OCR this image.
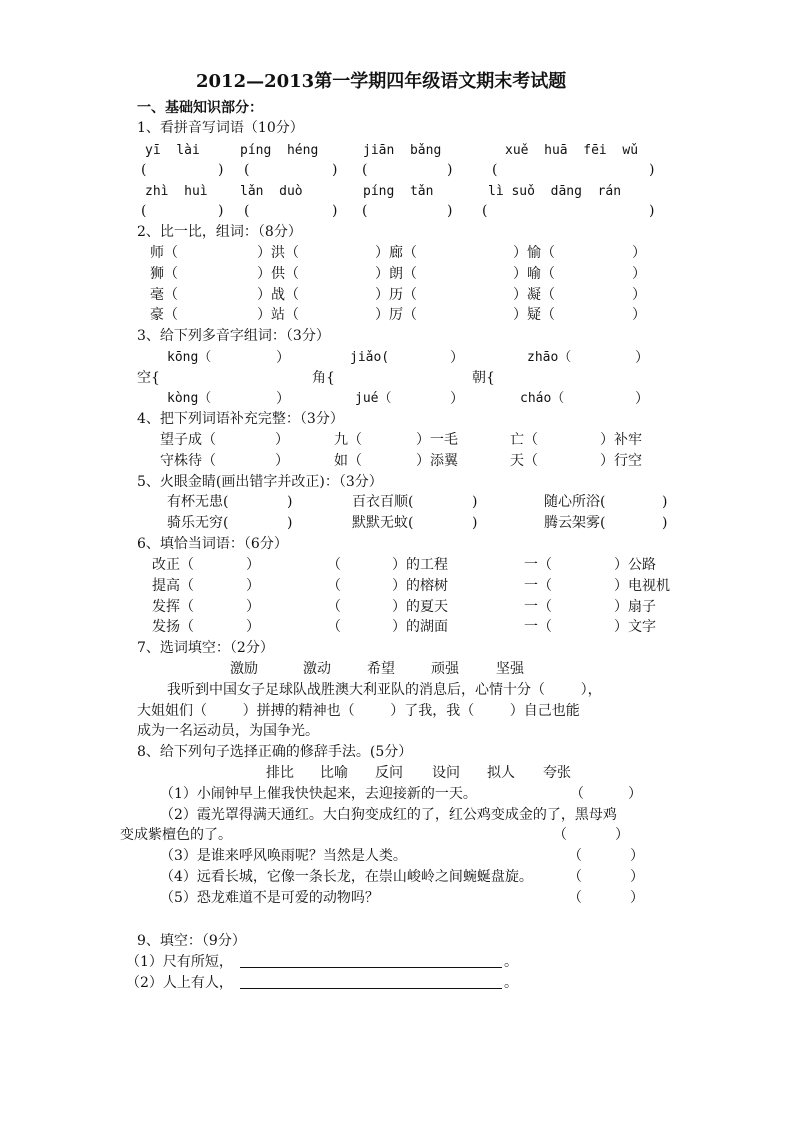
2012—2013第一学期四年级语文期末考试题
一、基础知识部分：
1、看拼音写词语（10分）
yī  lài	píng  héng	jiān  bǎng	xuě  huā  fēi  wǔ
(	) (	) (	)	(	)
zhì  huì lǎn  duò	píng  tǎn	lì suǒ  dāng  rán
(	) (	) (	) (	)
2、比一比，组词：（8分）
3、给下列多音字组词：（3分）
kōng（	）	jiǎo(	）	zhāo（	）
空{	角{	朝{
kòng（	）	jué（	）	cháo（	）
4、把下列词语补充完整：（3分）
5、火眼金睛(画出错字并改正)：（3分）
6、填恰当词语：（6分）
7、选词填空：（2分）
激励	激动	希望	顽强	坚强
我听到中国女子足球队战胜澳大利亚队的消息后，心情十分（        ），
大姐姐们（        ）拼搏的精神也（        ）了我，我（        ）自己也能
成为一名运动员，为国争光。
8、给下列句子选择正确的修辞手法。(5分）
排比 比喻 反问 设问 拟人 夸张
（1）小闹钟早上催我快快起来，去迎接新的一天。	（	）
（2）霞光罩得满天通红。大白狗变成红的了，红公鸡变成金的了，黑母鸡
变成紫檀色的了。	（	）
（3）是谁来呼风唤雨呢？当然是人类。	（	）
（4）远看长城，它像一条长龙，在崇山峻岭之间蜿蜒盘旋。	（	）
（5）恐龙难道不是可爱的动物吗？	（	）
9、填空：（9分）
（1）尺有所短，	。
（2）人上有人，	。
师（	）洪（	）廊（	）愉（	）
狮（	）供（	）朗（	）喻（	）
毫（	）战（	）历（	）凝（	）
豪（	）站（	）厉（	）疑（	）
望子成（	）	九（	）一毛	亡（	）补牢
守株待（	）	如（	）添翼	天（	）行空
有杯无患(	)	百衣百顺(	)	随心所浴(	)
骑乐无穷(	)	默默无蚊(	)	腾云架雾(	)
改正（	）	（	）的工程	一（	）公路
提高（	）	（	）的榕树	一（	）电视机
发挥（	）	（	）的夏天	一（	）扇子
发扬（	）	（	）的湖面	一（	）文字
